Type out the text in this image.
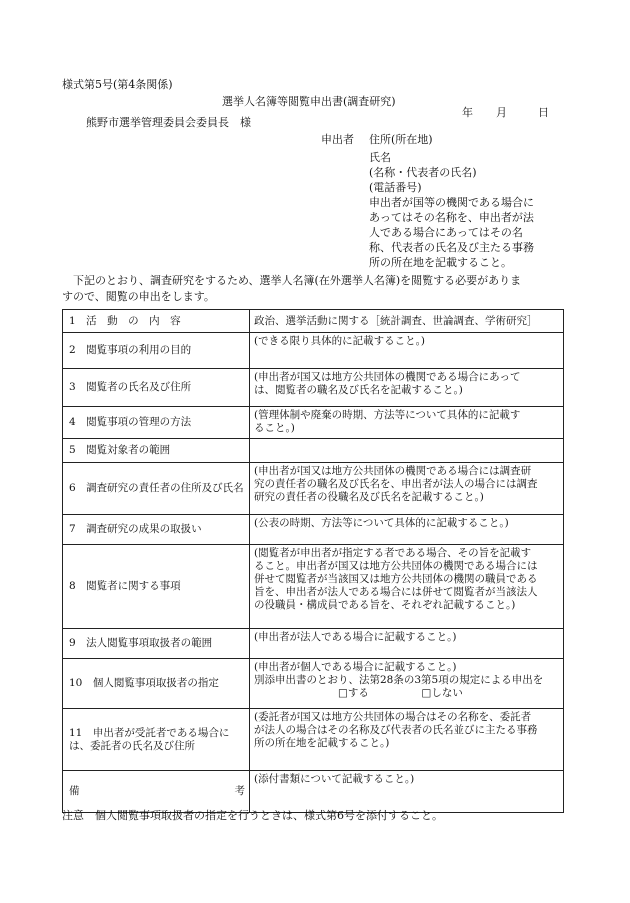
様式第5号(第4条関係)
選挙人名簿等閲覧申出書(調査研究)
年 月	日
熊野市選挙管理委員会委員長　様
申出者 住所(所在地)
氏名
(名称・代表者の氏名)
(電話番号)
申出者が国等の機関である場合に
あってはその名称を、申出者が法
人である場合にあってはその名
称、代表者の氏名及び主たる事務
所の所在地を記載すること。
下記のとおり、調査研究をするため、選挙人名簿(在外選挙人名簿)を閲覧する必要がありま
すので、閲覧の申出をします。
1　活　動　の　内　容	政治、選挙活動に関する［統計調査、世論調査、学術研究］

2　閲覧事項の利用の目的	(できる限り具体的に記載すること。)

3　閲覧者の氏名及び住所	(申出者が国又は地方公共団体の機関である場合にあって
は、閲覧者の職名及び氏名を記載すること。)

4　閲覧事項の管理の方法	(管理体制や廃棄の時期、方法等について具体的に記載す
ること。)

5　閲覧対象者の範囲	
6　調査研究の責任者の住所及び氏名	(申出者が国又は地方公共団体の機関である場合には調査研
究の責任者の職名及び氏名を、申出者が法人の場合には調査
研究の責任者の役職名及び氏名を記載すること。)

7　調査研究の成果の取扱い	(公表の時期、方法等について具体的に記載すること。)

8　閲覧者に関する事項	(閲覧者が申出者が指定する者である場合、その旨を記載す
ること。申出者が国又は地方公共団体の機関である場合には
併せて閲覧者が当該国又は地方公共団体の機関の職員である
旨を、申出者が法人である場合には併せて閲覧者が当該法人
の役職員・構成員である旨を、それぞれ記載すること。)

9　法人閲覧事項取扱者の範囲	(申出者が法人である場合に記載すること。)

10　個人閲覧事項取扱者の指定	(申出者が個人である場合に記載すること。)
別添申出書のとおり、法第28条の3第5項の規定による申出を
□する　　　　　□しない

11　申出者が受託者である場合には、委託者の氏名及び住所	(委託者が国又は地方公共団体の場合はその名称を、委託者
が法人の場合はその名称及び代表者の氏名並びに主たる事務
所の所在地を記載すること。)

備 考	(添付書類について記載すること。)
注意　個人閲覧事項取扱者の指定を行うときは、様式第6号を添付すること。
